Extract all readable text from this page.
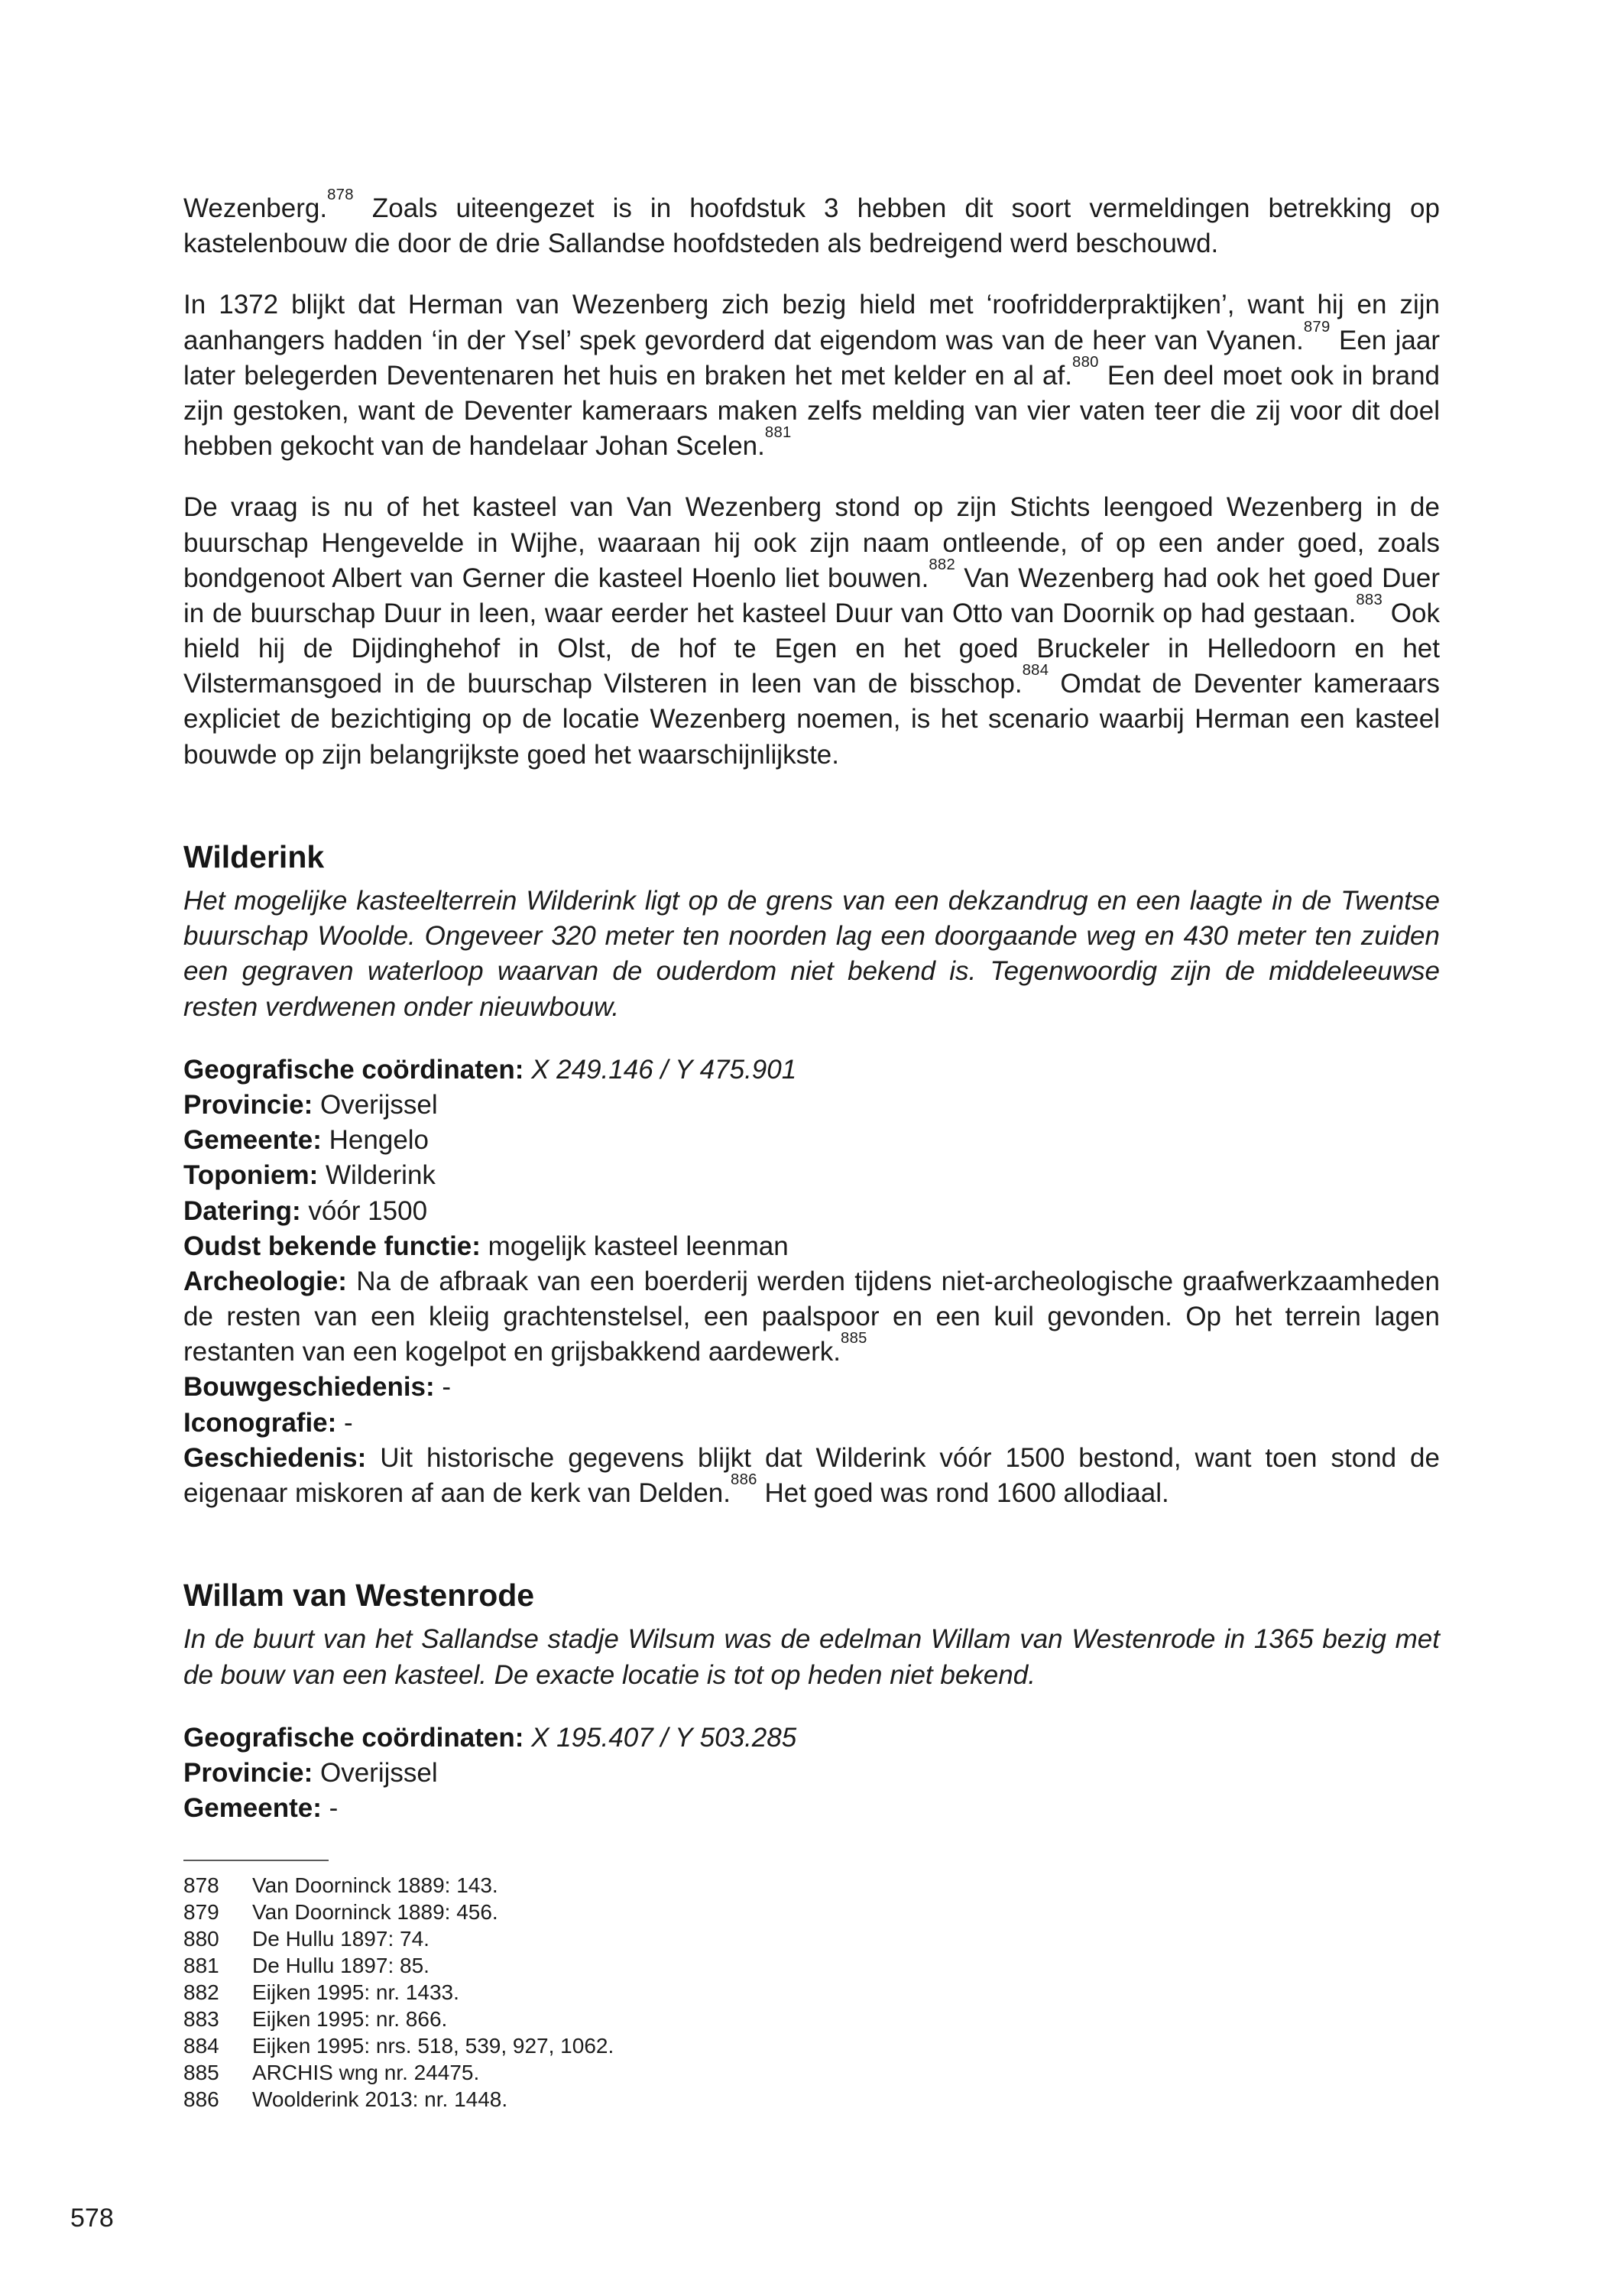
Wezenberg.$^{878}$ Zoals uiteengezet is in hoofdstuk 3 hebben dit soort vermeldingen betrekking op kastelenbouw die door de drie Sallandse hoofdsteden als bedreigend werd beschouwd.

In 1372 blijkt dat Herman van Wezenberg zich bezig hield met ‘roofridderpraktijken’, want hij en zijn aanhangers hadden ‘in der Ysel’ spek gevorderd dat eigendom was van de heer van Vyanen.$^{879}$ Een jaar later belegerden Deventenaren het huis en braken het met kelder en al af.$^{880}$ Een deel moet ook in brand zijn gestoken, want de Deventer kameraars maken zelfs melding van vier vaten teer die zij voor dit doel hebben gekocht van de handelaar Johan Scelen.$^{881}$

De vraag is nu of het kasteel van Van Wezenberg stond op zijn Stichts leengoed Wezenberg in de buurschap Hengevelde in Wijhe, waaraan hij ook zijn naam ontleende, of op een ander goed, zoals bondgenoot Albert van Gerner die kasteel Hoenlo liet bouwen.$^{882}$ Van Wezenberg had ook het goed Duer in de buurschap Duur in leen, waar eerder het kasteel Duur van Otto van Doornik op had gestaan.$^{883}$ Ook hield hij de Dijdinghehof in Olst, de hof te Egen en het goed Bruckeler in Helledoorn en het Vilstermansgoed in de buurschap Vilsteren in leen van de bisschop.$^{884}$ Omdat de Deventer kameraars expliciet de bezichtiging op de locatie Wezenberg noemen, is het scenario waarbij Herman een kasteel bouwde op zijn belangrijkste goed het waarschijnlijkste.

Wilderink

Het mogelijke kasteelterrein Wilderink ligt op de grens van een dekzandrug en een laagte in de Twentse buurschap Woolde. Ongeveer 320 meter ten noorden lag een doorgaande weg en 430 meter ten zuiden een gegraven waterloop waarvan de ouderdom niet bekend is. Tegenwoordig zijn de middeleeuwse resten verdwenen onder nieuwbouw.

Geografische coördinaten: X 249.146 / Y 475.901

Provincie: Overijssel

Gemeente: Hengelo

Toponiem: Wilderink

Datering: vóór 1500

Oudst bekende functie: mogelijk kasteel leenman

Archeologie: Na de afbraak van een boerderij werden tijdens niet-archeologische graafwerkzaamheden de resten van een kleiig grachtenstelsel, een paalspoor en een kuil gevonden. Op het terrein lagen restanten van een kogelpot en grijsbakkend aardewerk.$^{885}$

Bouwgeschiedenis: -

Iconografie: -

Geschiedenis: Uit historische gegevens blijkt dat Wilderink vóór 1500 bestond, want toen stond de eigenaar miskoren af aan de kerk van Delden.$^{886}$ Het goed was rond 1600 allodiaal.

Willam van Westenrode

In de buurt van het Sallandse stadje Wilsum was de edelman Willam van Westenrode in 1365 bezig met de bouw van een kasteel. De exacte locatie is tot op heden niet bekend.

Geografische coördinaten: X 195.407 / Y 503.285

Provincie: Overijssel

Gemeente: -

878	Van Doorninck 1889: 143.
879	Van Doorninck 1889: 456.
880	De Hullu 1897: 74.
881	De Hullu 1897: 85.
882	Eijken 1995: nr. 1433.
883	Eijken 1995: nr. 866.
884	Eijken 1995: nrs. 518, 539, 927, 1062.
885	ARCHIS wng nr. 24475.
886	Woolderink 2013: nr. 1448.
578
